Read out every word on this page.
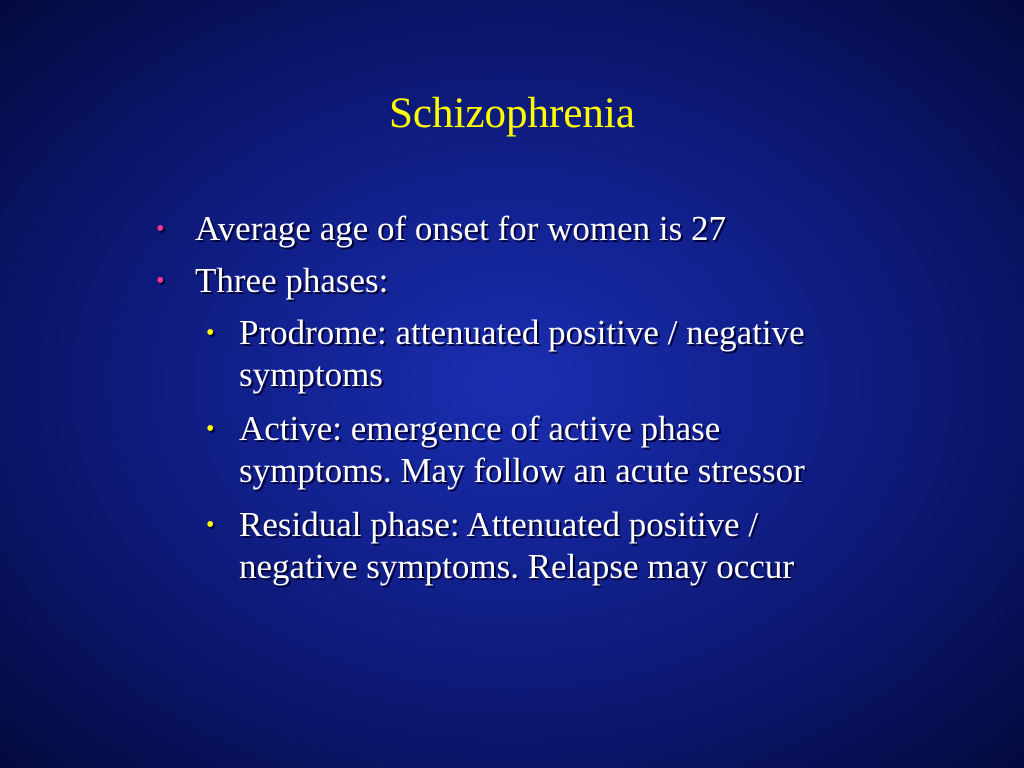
Schizophrenia
• Average age of onset for women is 27
• Three phases:
• Prodrome: attenuated positive / negative symptoms
• Active: emergence of active phase symptoms. May follow an acute stressor
• Residual phase: Attenuated positive / negative symptoms. Relapse may occur
